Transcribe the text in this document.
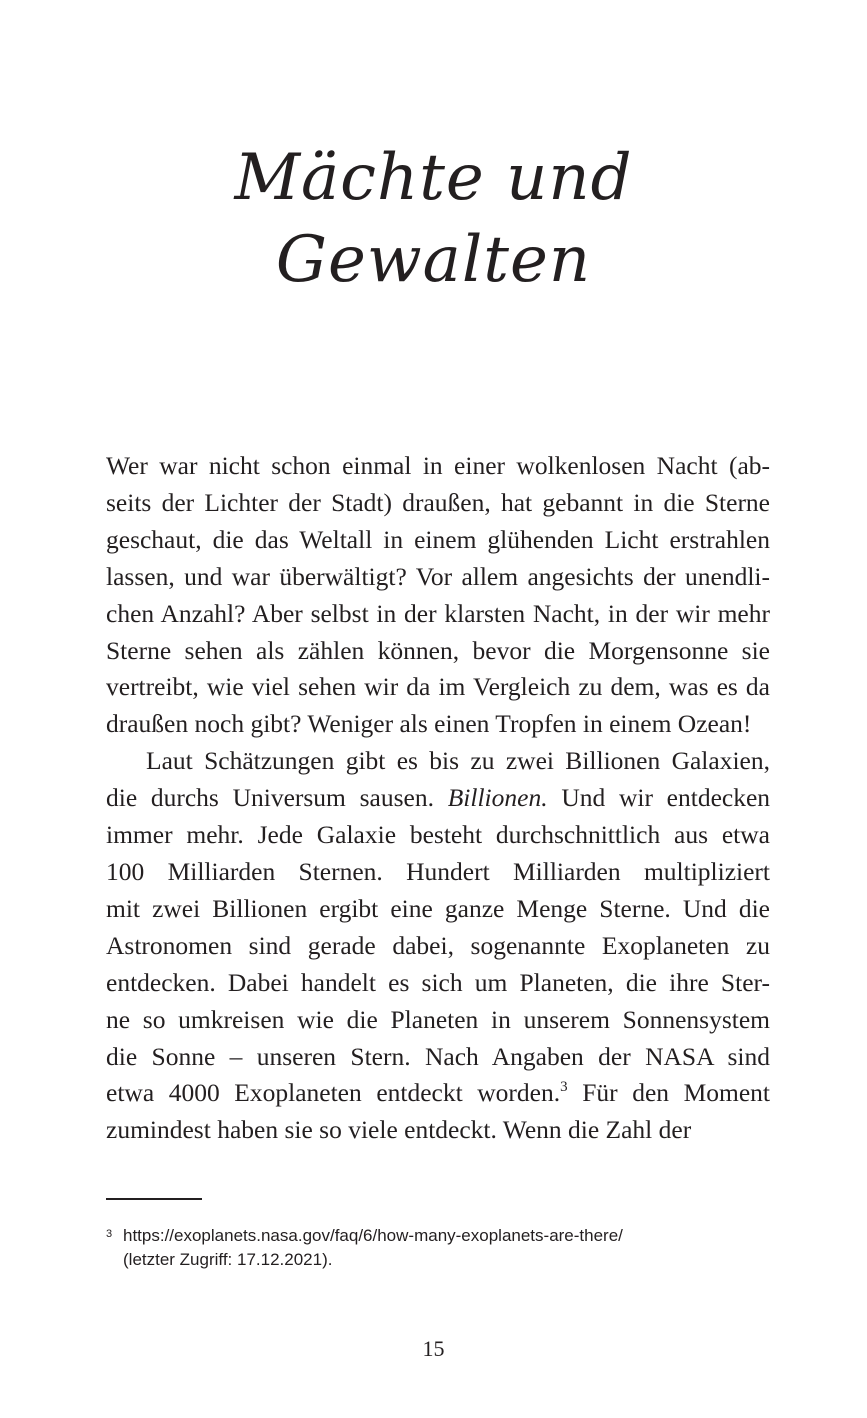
Mächte und
Gewalten

Wer war nicht schon einmal in einer wolkenlosen Nacht (ab-
seits der Lichter der Stadt) draußen, hat gebannt in die Sterne
geschaut, die das Weltall in einem glühenden Licht erstrahlen
lassen, und war überwältigt? Vor allem angesichts der unendli-
chen Anzahl? Aber selbst in der klarsten Nacht, in der wir mehr
Sterne sehen als zählen können, bevor die Morgensonne sie
vertreibt, wie viel sehen wir da im Vergleich zu dem, was es da
draußen noch gibt? Weniger als einen Tropfen in einem Ozean!

Laut Schätzungen gibt es bis zu zwei Billionen Galaxien,
die durchs Universum sausen. Billionen. Und wir entdecken
immer mehr. Jede Galaxie besteht durchschnittlich aus etwa
100 Milliarden Sternen. Hundert Milliarden multipliziert
mit zwei Billionen ergibt eine ganze Menge Sterne. Und die
Astronomen sind gerade dabei, sogenannte Exoplaneten zu
entdecken. Dabei handelt es sich um Planeten, die ihre Ster-
ne so umkreisen wie die Planeten in unserem Sonnensystem
die Sonne – unseren Stern. Nach Angaben der NASA sind
etwa 4000 Exoplaneten entdeckt worden.$^3$ Für den Moment
zumindest haben sie so viele entdeckt. Wenn die Zahl der

3 https://exoplanets.nasa.gov/faq/6/how-many-exoplanets-are-there/
(letzter Zugriff: 17.12.2021).
15
